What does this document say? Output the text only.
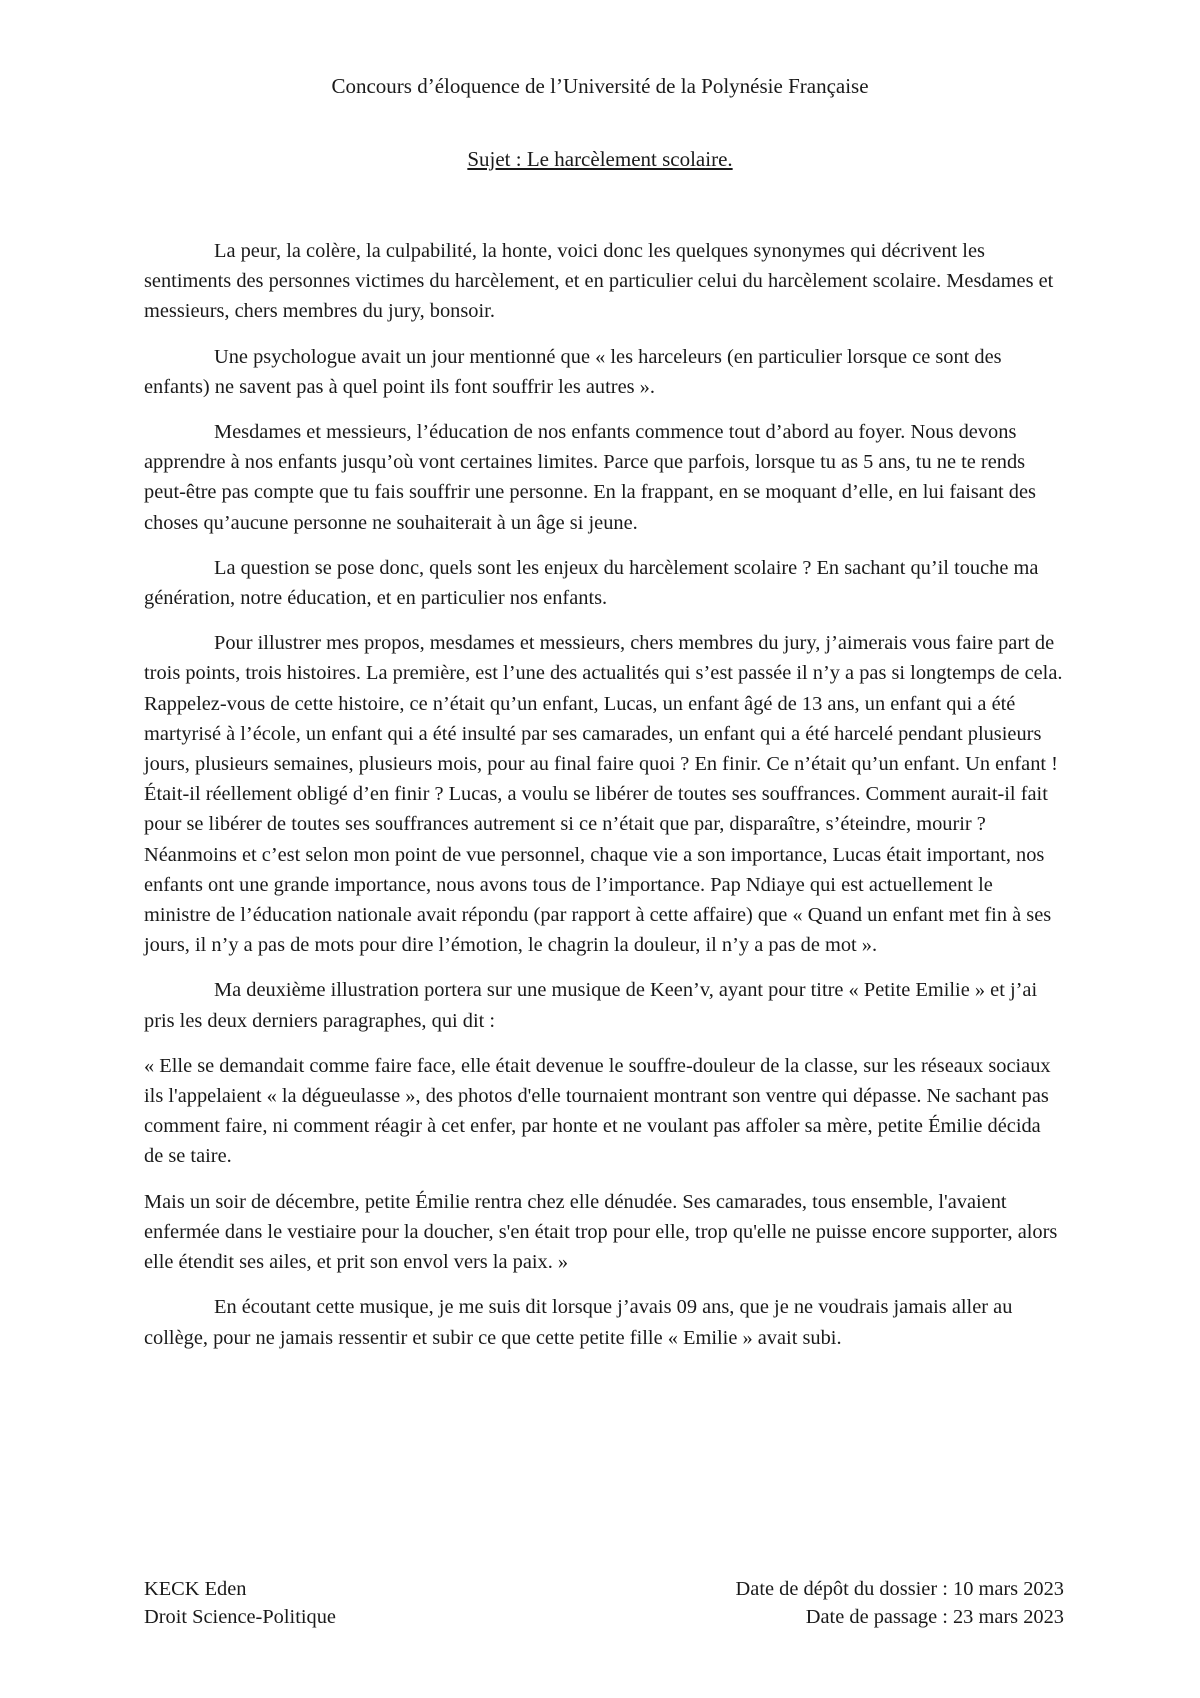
Concours d’éloquence de l’Université de la Polynésie Française
Sujet : Le harcèlement scolaire.

La peur, la colère, la culpabilité, la honte, voici donc les quelques synonymes qui décrivent les sentiments des personnes victimes du harcèlement, et en particulier celui du harcèlement scolaire. Mesdames et messieurs, chers membres du jury, bonsoir.

Une psychologue avait un jour mentionné que « les harceleurs (en particulier lorsque ce sont des enfants) ne savent pas à quel point ils font souffrir les autres ».

Mesdames et messieurs, l’éducation de nos enfants commence tout d’abord au foyer. Nous devons apprendre à nos enfants jusqu’où vont certaines limites. Parce que parfois, lorsque tu as 5 ans, tu ne te rends peut-être pas compte que tu fais souffrir une personne. En la frappant, en se moquant d’elle, en lui faisant des choses qu’aucune personne ne souhaiterait à un âge si jeune.

La question se pose donc, quels sont les enjeux du harcèlement scolaire ? En sachant qu’il touche ma génération, notre éducation, et en particulier nos enfants.

Pour illustrer mes propos, mesdames et messieurs, chers membres du jury, j’aimerais vous faire part de trois points, trois histoires. La première, est l’une des actualités qui s’est passée il n’y a pas si longtemps de cela. Rappelez-vous de cette histoire, ce n’était qu’un enfant, Lucas, un enfant âgé de 13 ans, un enfant qui a été martyrisé à l’école, un enfant qui a été insulté par ses camarades, un enfant qui a été harcelé pendant plusieurs jours, plusieurs semaines, plusieurs mois, pour au final faire quoi ? En finir. Ce n’était qu’un enfant. Un enfant ! Était-il réellement obligé d’en finir ? Lucas, a voulu se libérer de toutes ses souffrances. Comment aurait-il fait pour se libérer de toutes ses souffrances autrement si ce n’était que par, disparaître, s’éteindre, mourir ? Néanmoins et c’est selon mon point de vue personnel, chaque vie a son importance, Lucas était important, nos enfants ont une grande importance, nous avons tous de l’importance. Pap Ndiaye qui est actuellement le ministre de l’éducation nationale avait répondu (par rapport à cette affaire) que « Quand un enfant met fin à ses jours, il n’y a pas de mots pour dire l’émotion, le chagrin la douleur, il n’y a pas de mot ».

Ma deuxième illustration portera sur une musique de Keen’v, ayant pour titre « Petite Emilie » et j’ai pris les deux derniers paragraphes, qui dit :

« Elle se demandait comme faire face, elle était devenue le souffre-douleur de la classe, sur les réseaux sociaux ils l'appelaient « la dégueulasse », des photos d'elle tournaient montrant son ventre qui dépasse. Ne sachant pas comment faire, ni comment réagir à cet enfer, par honte et ne voulant pas affoler sa mère, petite Émilie décida de se taire.

Mais un soir de décembre, petite Émilie rentra chez elle dénudée. Ses camarades, tous ensemble, l'avaient enfermée dans le vestiaire pour la doucher, s'en était trop pour elle, trop qu'elle ne puisse encore supporter, alors elle étendit ses ailes, et prit son envol vers la paix. »

En écoutant cette musique, je me suis dit lorsque j’avais 09 ans, que je ne voudrais jamais aller au collège, pour ne jamais ressentir et subir ce que cette petite fille « Emilie » avait subi.

KECK Eden
Droit Science-Politique
Date de dépôt du dossier : 10 mars 2023
Date de passage : 23 mars 2023
